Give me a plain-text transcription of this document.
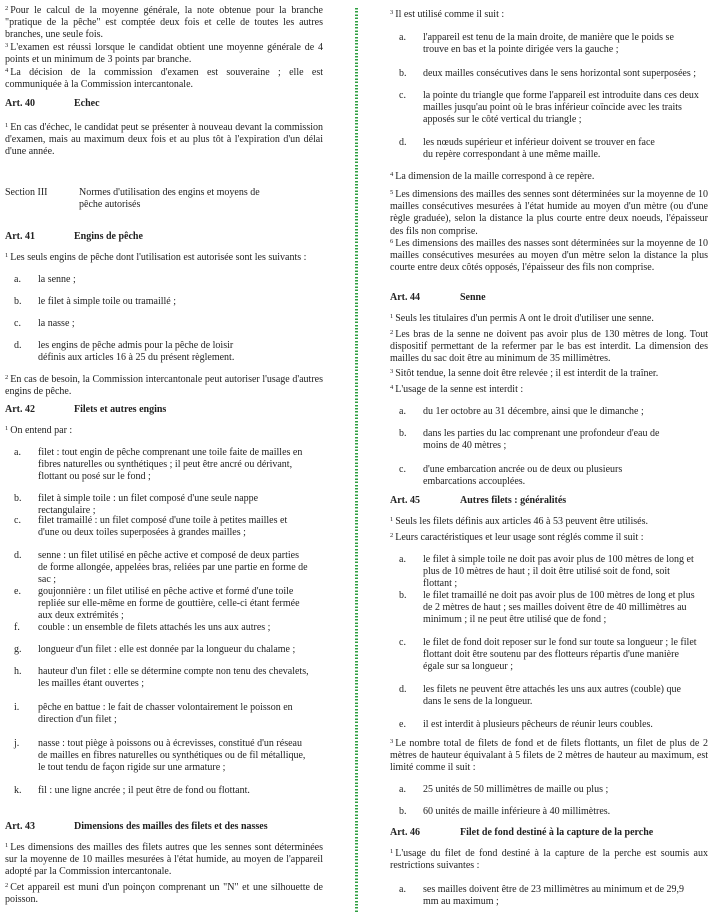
$^2$ Pour le calcul de la moyenne générale, la note obtenue pour la branche "pratique de la pêche" est comptée deux fois et celle de toutes les autres branches, une seule fois.
$^3$ L'examen est réussi lorsque le candidat obtient une moyenne générale de 4 points et un minimum de 3 points par branche.
$^4$ La décision de la commission d'examen est souveraine ; elle est communiquée à la Commission intercantonale.
Art. 40	Echec
$^1$ En cas d'échec, le candidat peut se présenter à nouveau devant la commission d'examen, mais au maximum deux fois et au plus tôt à l'expiration d'un délai d'une année.
Section III	Normes d'utilisation des engins et moyens de pêche autorisés
Art. 41	Engins de pêche
$^1$ Les seuls engins de pêche dont l'utilisation est autorisée sont les suivants :
a.	la senne ;
b.	le filet à simple toile ou tramaillé ;
c.	la nasse ;
d.	les engins de pêche admis pour la pêche de loisir définis aux articles 16 à 25 du présent règlement.
$^2$ En cas de besoin, la Commission intercantonale peut autoriser l'usage d'autres engins de pêche.
Art. 42	Filets et autres engins
$^1$ On entend par :
a.	filet : tout engin de pêche comprenant une toile faite de mailles en fibres naturelles ou synthétiques ; il peut être ancré ou dérivant, flottant ou posé sur le fond ;
b.	filet à simple toile : un filet composé d'une seule nappe rectangulaire ;
c.	filet tramaillé : un filet composé d'une toile à petites mailles et d'une ou deux toiles superposées à grandes mailles ;
d.	senne : un filet utilisé en pêche active et composé de deux parties de forme allongée, appelées bras, reliées par une partie en forme de sac ;
e.	goujonnière : un filet utilisé en pêche active et formé d'une toile repliée sur elle-même en forme de gouttière, celle-ci étant fermée aux deux extrémités ;
f.	couble : un ensemble de filets attachés les uns aux autres ;
g.	longueur d'un filet : elle est donnée par la longueur du chalame ;
h.	hauteur d'un filet : elle se détermine compte non tenu des chevalets, les mailles étant ouvertes ;
i.	pêche en battue : le fait de chasser volontairement le poisson en direction d'un filet ;
j.	nasse : tout piège à poissons ou à écrevisses, constitué d'un réseau de mailles en fibres naturelles ou synthétiques ou de fil métallique, le tout tendu de façon rigide sur une armature ;
k.	fil : une ligne ancrée ; il peut être de fond ou flottant.
Art. 43	Dimensions des mailles des filets et des nasses
$^1$ Les dimensions des mailles des filets autres que les sennes sont déterminées sur la moyenne de 10 mailles mesurées à l'état humide, au moyen de l'appareil adopté par la Commission intercantonale.
$^2$ Cet appareil est muni d'un poinçon comprenant un "N" et une silhouette de poisson.
$^3$ Il est utilisé comme il suit :
a.	l'appareil est tenu de la main droite, de manière que le poids se trouve en bas et la pointe dirigée vers la gauche ;
b.	deux mailles consécutives dans le sens horizontal sont superposées ;
c.	la pointe du triangle que forme l'appareil est introduite dans ces deux mailles jusqu'au point où le bras inférieur coïncide avec les traits apposés sur le côté vertical du triangle ;
d.	les nœuds supérieur et inférieur doivent se trouver en face du repère correspondant à une même maille.
$^4$ La dimension de la maille correspond à ce repère.
$^5$ Les dimensions des mailles des sennes sont déterminées sur la moyenne de 10 mailles consécutives mesurées à l'état humide au moyen d'un mètre (ou d'une règle graduée), selon la distance la plus courte entre deux noeuds, l'épaisseur des fils non comprise.
$^6$ Les dimensions des mailles des nasses sont déterminées sur la moyenne de 10 mailles consécutives mesurées au moyen d'un mètre selon la distance la plus courte entre deux côtés opposés, l'épaisseur des fils non comprise.
Art. 44	Senne
$^1$ Seuls les titulaires d'un permis A ont le droit d'utiliser une senne.
$^2$ Les bras de la senne ne doivent pas avoir plus de 130 mètres de long. Tout dispositif permettant de la refermer par le bas est interdit. La dimension des mailles du sac doit être au minimum de 35 millimètres.
$^3$ Sitôt tendue, la senne doit être relevée ; il est interdit de la traîner.
$^4$ L'usage de la senne est interdit :
a.	du 1er octobre au 31 décembre, ainsi que le dimanche ;
b.	dans les parties du lac comprenant une profondeur d'eau de moins de 40 mètres ;
c.	d'une embarcation ancrée ou de deux ou plusieurs embarcations accouplées.
Art. 45	Autres filets : généralités
$^1$ Seuls les filets définis aux articles 46 à 53 peuvent être utilisés.
$^2$ Leurs caractéristiques et leur usage sont réglés comme il suit :
a.	le filet à simple toile ne doit pas avoir plus de 100 mètres de long et plus de 10 mètres de haut ; il doit être utilisé soit de fond, soit flottant ;
b.	le filet tramaillé ne doit pas avoir plus de 100 mètres de long et plus de 2 mètres de haut ; ses mailles doivent être de 40 millimètres au minimum ; il ne peut être utilisé que de fond ;
c.	le filet de fond doit reposer sur le fond sur toute sa longueur ; le filet flottant doit être soutenu par des flotteurs répartis d'une manière égale sur sa longueur ;
d.	les filets ne peuvent être attachés les uns aux autres (couble) que dans le sens de la longueur.
e.	il est interdit à plusieurs pêcheurs de réunir leurs coubles.
$^3$ Le nombre total de filets de fond et de filets flottants, un filet de plus de 2 mètres de hauteur équivalant à 5 filets de 2 mètres de hauteur au maximum, est limité comme il suit :
a.	25 unités de 50 millimètres de maille ou plus ;
b.	60 unités de maille inférieure à 40 millimètres.
Art. 46	Filet de fond destiné à la capture de la perche
$^1$ L'usage du filet de fond destiné à la capture de la perche est soumis aux restrictions suivantes :
a.	ses mailles doivent être de 23 millimètres au minimum et de 29,9 mm au maximum ;
